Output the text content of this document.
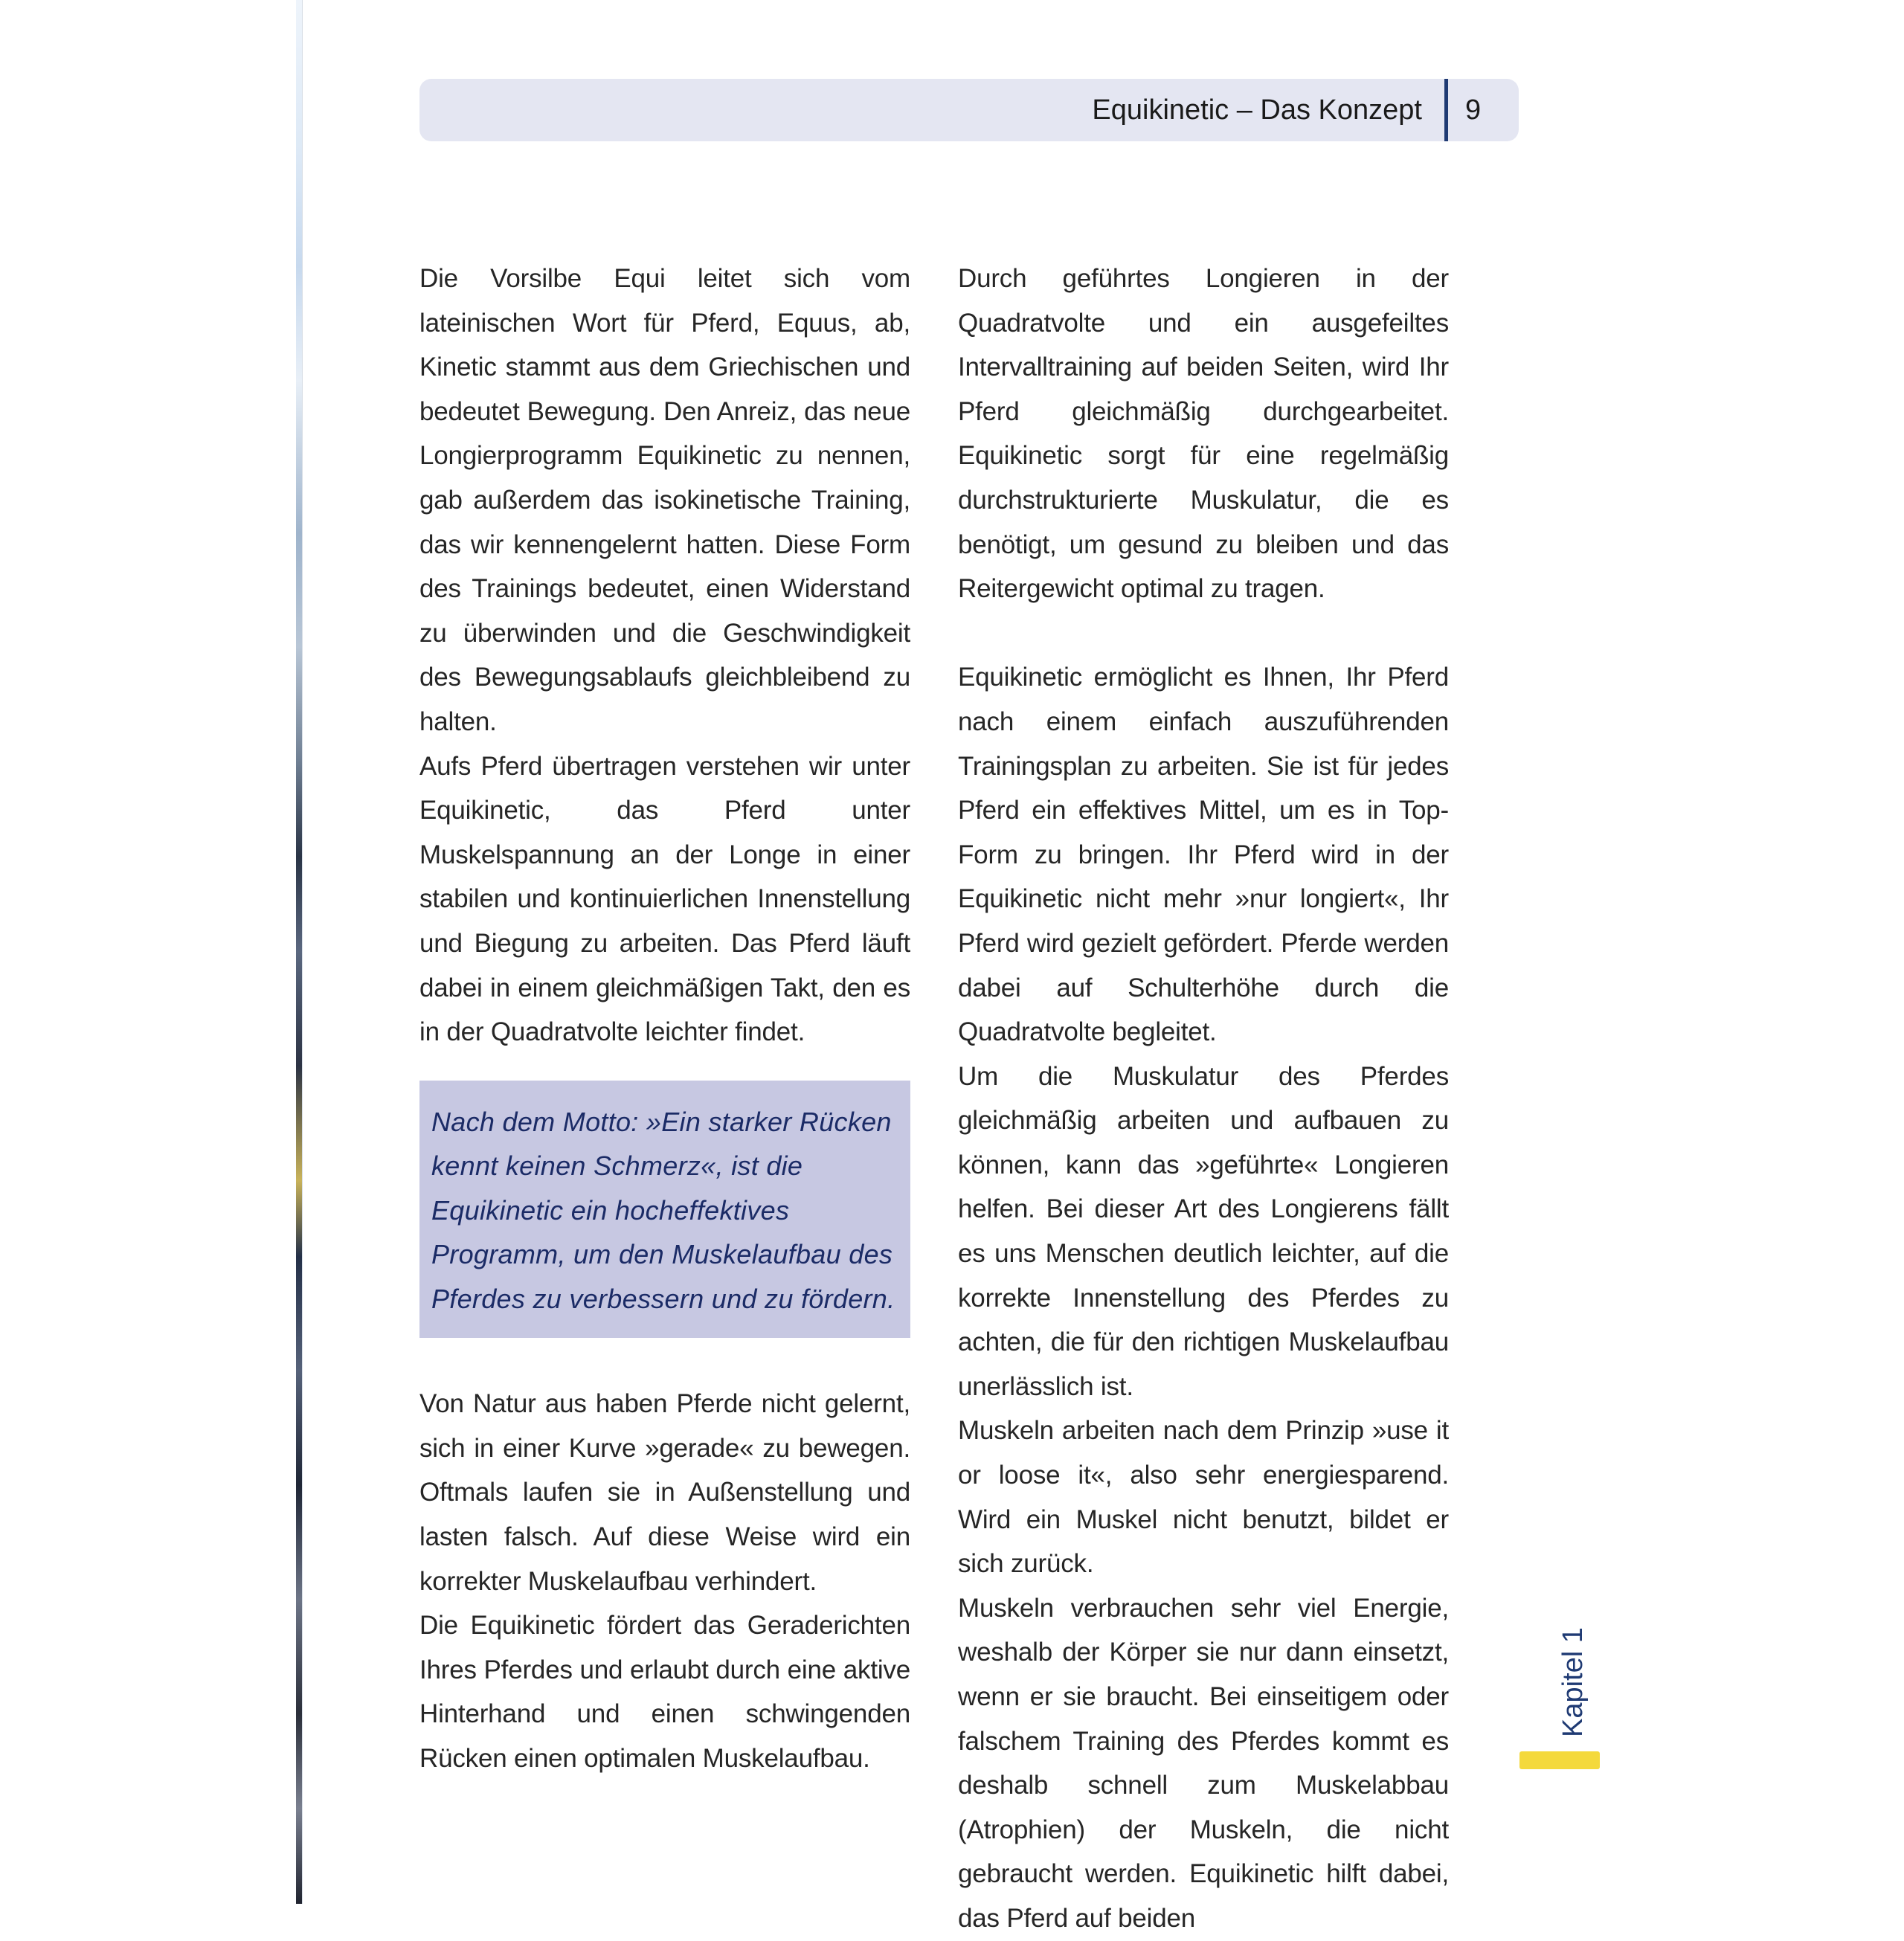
Equikinetic – Das Konzept 9

Die Vorsilbe Equi leitet sich vom lateinischen Wort für Pferd, Equus, ab, Kinetic stammt aus dem Griechischen und bedeutet Bewegung. Den Anreiz, das neue Longierprogramm Equikinetic zu nennen, gab außerdem das isokinetische Training, das wir kennengelernt hatten. Diese Form des Trainings bedeutet, einen Widerstand zu überwinden und die Geschwindigkeit des Bewegungsablaufs gleichbleibend zu halten.

Aufs Pferd übertragen verstehen wir unter Equikinetic, das Pferd unter Muskelspannung an der Longe in einer stabilen und kontinuierlichen Innenstellung und Biegung zu arbeiten. Das Pferd läuft dabei in einem gleichmäßigen Takt, den es in der Quadratvolte leichter findet.

Nach dem Motto: »Ein starker Rücken kennt keinen Schmerz«, ist die Equikinetic ein hocheffektives Programm, um den Muskelaufbau des Pferdes zu verbessern und zu fördern.

Von Natur aus haben Pferde nicht gelernt, sich in einer Kurve »gerade« zu bewegen. Oftmals laufen sie in Außenstellung und lasten falsch. Auf diese Weise wird ein korrekter Muskelaufbau verhindert.

Die Equikinetic fördert das Geraderichten Ihres Pferdes und erlaubt durch eine aktive Hinterhand und einen schwingenden Rücken einen optimalen Muskelaufbau.

Durch geführtes Longieren in der Quadratvolte und ein ausgefeiltes Intervalltraining auf beiden Seiten, wird Ihr Pferd gleichmäßig durchgearbeitet. Equikinetic sorgt für eine regelmäßig durchstrukturierte Muskulatur, die es benötigt, um gesund zu bleiben und das Reitergewicht optimal zu tragen.

Equikinetic ermöglicht es Ihnen, Ihr Pferd nach einem einfach auszuführenden Trainingsplan zu arbeiten. Sie ist für jedes Pferd ein effektives Mittel, um es in Top-Form zu bringen. Ihr Pferd wird in der Equikinetic nicht mehr »nur longiert«, Ihr Pferd wird gezielt gefördert. Pferde werden dabei auf Schulterhöhe durch die Quadratvolte begleitet.

Um die Muskulatur des Pferdes gleichmäßig arbeiten und aufbauen zu können, kann das »geführte« Longieren helfen. Bei dieser Art des Longierens fällt es uns Menschen deutlich leichter, auf die korrekte Innenstellung des Pferdes zu achten, die für den richtigen Muskelaufbau unerlässlich ist.

Muskeln arbeiten nach dem Prinzip »use it or loose it«, also sehr energiesparend. Wird ein Muskel nicht benutzt, bildet er sich zurück.

Muskeln verbrauchen sehr viel Energie, weshalb der Körper sie nur dann einsetzt, wenn er sie braucht. Bei einseitigem oder falschem Training des Pferdes kommt es deshalb schnell zum Muskelabbau (Atrophien) der Muskeln, die nicht gebraucht werden. Equikinetic hilft dabei, das Pferd auf beiden

Kapitel 1
